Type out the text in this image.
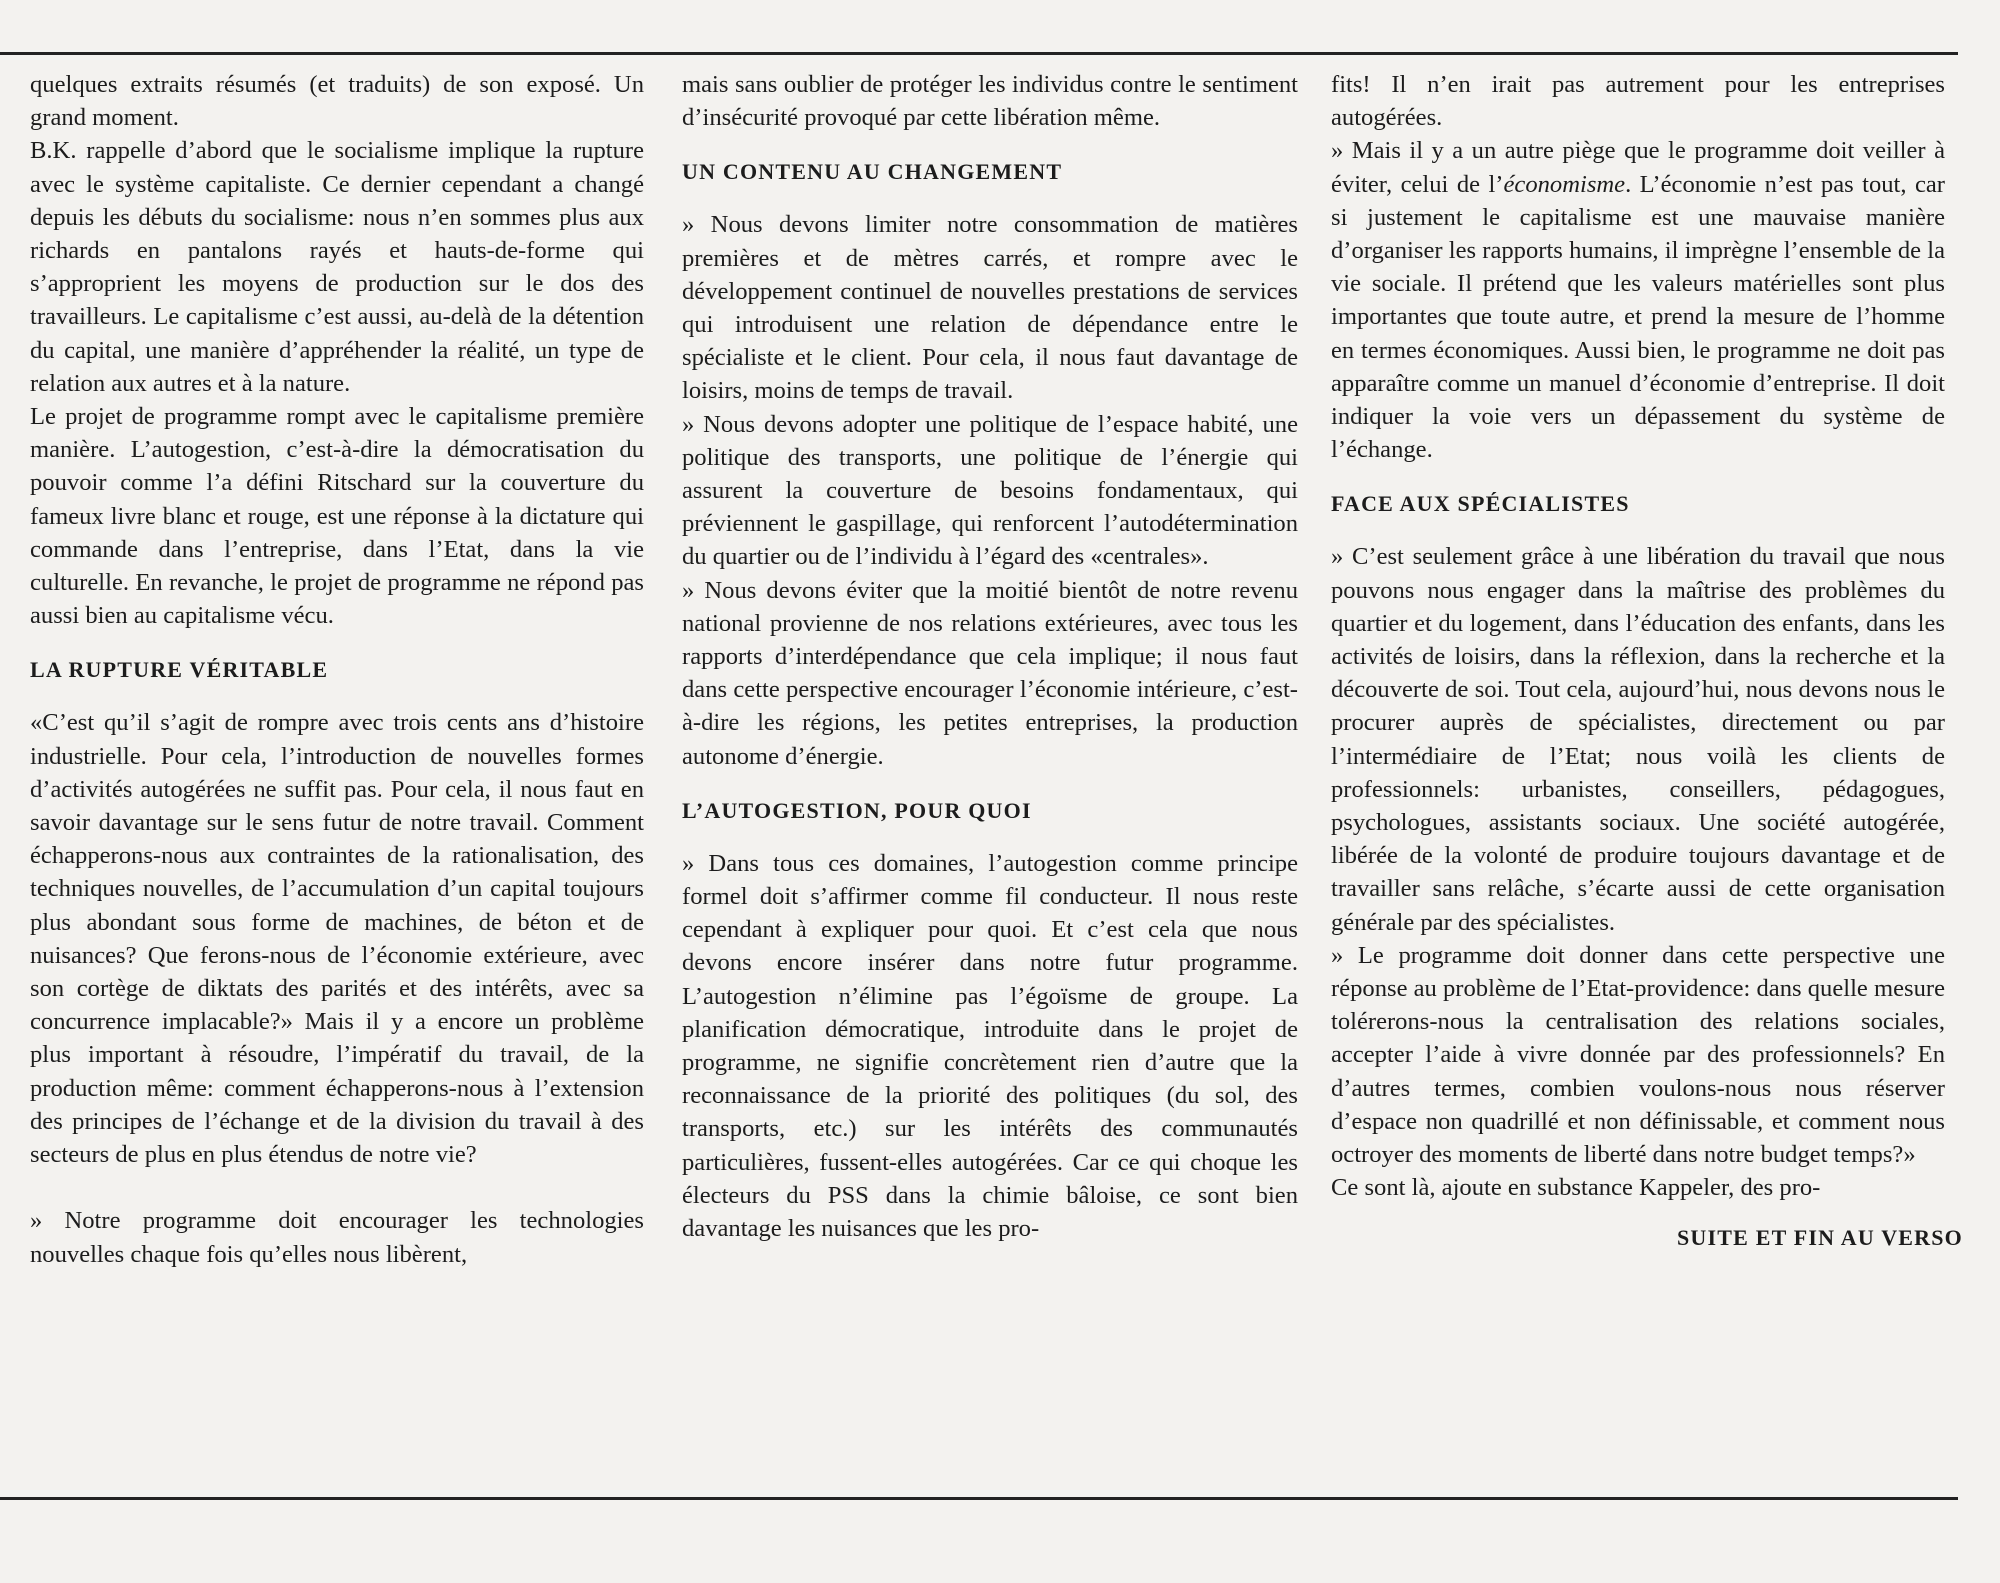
quelques extraits résumés (et traduits) de son exposé. Un grand moment.

B.K. rappelle d’abord que le socialisme implique la rupture avec le système capitaliste. Ce dernier cependant a changé depuis les débuts du socialisme: nous n’en sommes plus aux richards en pantalons rayés et hauts-de-forme qui s’approprient les moyens de production sur le dos des travailleurs. Le capitalisme c’est aussi, au-delà de la détention du capital, une manière d’appréhender la réalité, un type de relation aux autres et à la nature.

Le projet de programme rompt avec le capitalisme première manière. L’autogestion, c’est-à-dire la démocratisation du pouvoir comme l’a défini Ritschard sur la couverture du fameux livre blanc et rouge, est une réponse à la dictature qui commande dans l’entreprise, dans l’Etat, dans la vie culturelle. En revanche, le projet de programme ne répond pas aussi bien au capitalisme vécu.

LA RUPTURE VÉRITABLE

«C’est qu’il s’agit de rompre avec trois cents ans d’histoire industrielle. Pour cela, l’introduction de nouvelles formes d’activités autogérées ne suffit pas. Pour cela, il nous faut en savoir davantage sur le sens futur de notre travail. Comment échapperons-nous aux contraintes de la rationalisation, des techniques nouvelles, de l’accumulation d’un capital toujours plus abondant sous forme de machines, de béton et de nuisances? Que ferons-nous de l’économie extérieure, avec son cortège de diktats des parités et des intérêts, avec sa concurrence implacable?» Mais il y a encore un problème plus important à résoudre, l’impératif du travail, de la production même: comment échapperons-nous à l’extension des principes de l’échange et de la division du travail à des secteurs de plus en plus étendus de notre vie?

» Notre programme doit encourager les technologies nouvelles chaque fois qu’elles nous libèrent,

mais sans oublier de protéger les individus contre le sentiment d’insécurité provoqué par cette libération même.

UN CONTENU AU CHANGEMENT

» Nous devons limiter notre consommation de matières premières et de mètres carrés, et rompre avec le développement continuel de nouvelles prestations de services qui introduisent une relation de dépendance entre le spécialiste et le client. Pour cela, il nous faut davantage de loisirs, moins de temps de travail.

» Nous devons adopter une politique de l’espace habité, une politique des transports, une politique de l’énergie qui assurent la couverture de besoins fondamentaux, qui préviennent le gaspillage, qui renforcent l’autodétermination du quartier ou de l’individu à l’égard des «centrales».

» Nous devons éviter que la moitié bientôt de notre revenu national provienne de nos relations extérieures, avec tous les rapports d’interdépendance que cela implique; il nous faut dans cette perspective encourager l’économie intérieure, c’est-à-dire les régions, les petites entreprises, la production autonome d’énergie.

L’AUTOGESTION, POUR QUOI

» Dans tous ces domaines, l’autogestion comme principe formel doit s’affirmer comme fil conducteur. Il nous reste cependant à expliquer pour quoi. Et c’est cela que nous devons encore insérer dans notre futur programme. L’autogestion n’élimine pas l’égoïsme de groupe. La planification démocratique, introduite dans le projet de programme, ne signifie concrètement rien d’autre que la reconnaissance de la priorité des politiques (du sol, des transports, etc.) sur les intérêts des communautés particulières, fussent-elles autogérées. Car ce qui choque les électeurs du PSS dans la chimie bâloise, ce sont bien davantage les nuisances que les pro-

fits! Il n’en irait pas autrement pour les entreprises autogérées.

» Mais il y a un autre piège que le programme doit veiller à éviter, celui de l’économisme. L’économie n’est pas tout, car si justement le capitalisme est une mauvaise manière d’organiser les rapports humains, il imprègne l’ensemble de la vie sociale. Il prétend que les valeurs matérielles sont plus importantes que toute autre, et prend la mesure de l’homme en termes économiques. Aussi bien, le programme ne doit pas apparaître comme un manuel d’économie d’entreprise. Il doit indiquer la voie vers un dépassement du système de l’échange.

FACE AUX SPÉCIALISTES

» C’est seulement grâce à une libération du travail que nous pouvons nous engager dans la maîtrise des problèmes du quartier et du logement, dans l’éducation des enfants, dans les activités de loisirs, dans la réflexion, dans la recherche et la découverte de soi. Tout cela, aujourd’hui, nous devons nous le procurer auprès de spécialistes, directement ou par l’intermédiaire de l’Etat; nous voilà les clients de professionnels: urbanistes, conseillers, pédagogues, psychologues, assistants sociaux. Une société autogérée, libérée de la volonté de produire toujours davantage et de travailler sans relâche, s’écarte aussi de cette organisation générale par des spécialistes.

» Le programme doit donner dans cette perspective une réponse au problème de l’Etat-providence: dans quelle mesure tolérerons-nous la centralisation des relations sociales, accepter l’aide à vivre donnée par des professionnels? En d’autres termes, combien voulons-nous nous réserver d’espace non quadrillé et non définissable, et comment nous octroyer des moments de liberté dans notre budget temps?»

Ce sont là, ajoute en substance Kappeler, des pro-

SUITE ET FIN AU VERSO
